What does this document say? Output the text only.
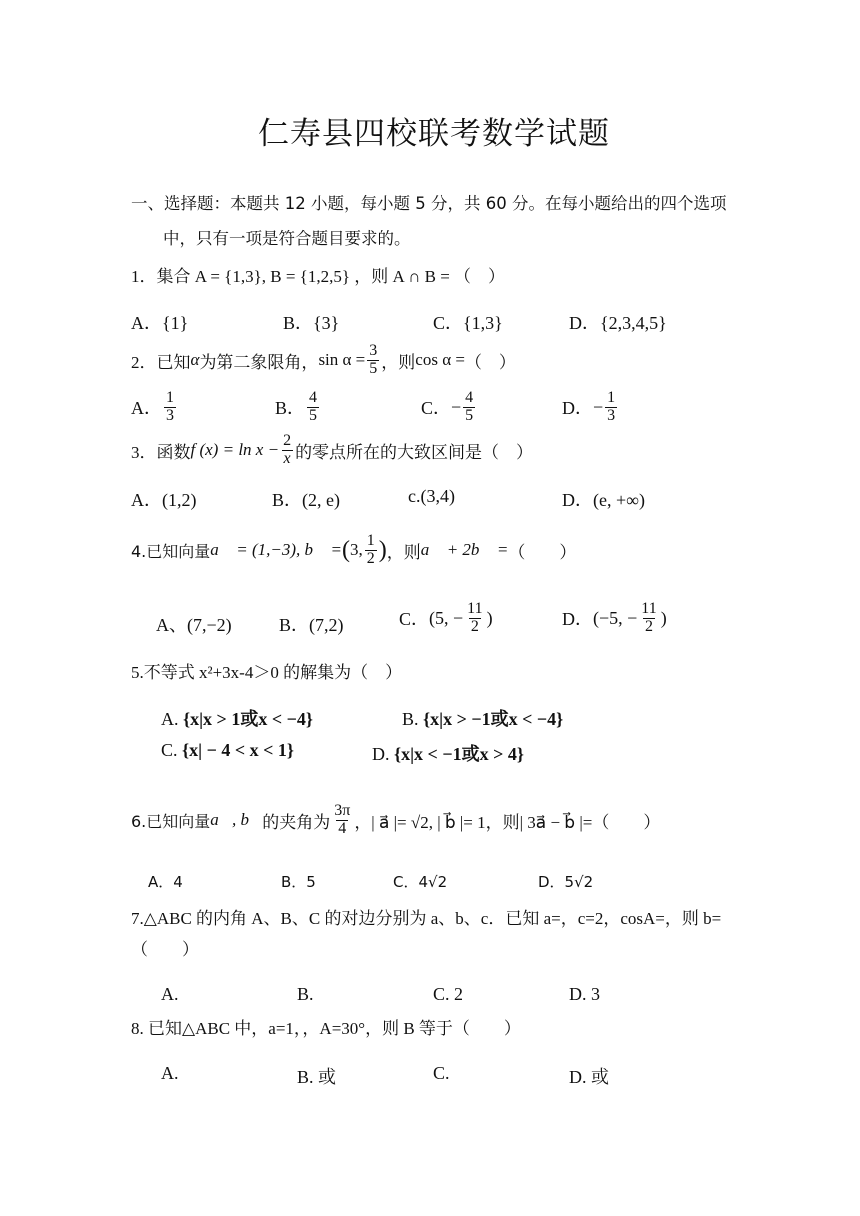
仁寿县四校联考数学试题
一、选择题：本题共 12 小题，每小题 5 分，共 60 分。在每小题给出的四个选项
中，只有一项是符合题目要求的。
1．集合 A = {1,3}, B = {1,2,5} ，则 A ∩ B = （　）
A．{1}	B．{3}	C．{1,3}	D．{2,3,4,5}
2．已知 α 为第二象限角， $\sin \alpha = \frac{3}{5}$ ，则 cos α = （　）
A． $\frac{1}{3}$	B． $\frac{4}{5}$	C． − $\frac{4}{5}$	D． − $\frac{1}{3}$
3．函数 f $(x) = \ln x - \frac{2}{x}$ 的零点所在的大致区间是（　）
A．(1,2)	B．(2, e)	c.(3,4)	D．(e, +∞)
4.已知向量 a⃗ = (1,−3), b⃗ = ( 3, $\frac{1}{2}$ ) ，则 a⃗ + 2b⃗ = （　　）
A、(7,−2)	B．(7,2)	C． (5, − $\frac{11}{2}$ )	D． (−5, − $\frac{11}{2}$ )
5.不等式 x²+3x-4＞0 的解集为（　）
A. {x|x > 1或x < −4}	B. {x|x > −1或x < −4}
C. {x| − 4 < x < 1}	D. {x|x < −1或x > 4}
6.已知向量 a⃗, b⃗ 的夹角为 $\frac{3\pi}{4}$ ，| a⃗ |= √2, | b⃗ |= 1，则| 3a⃗ − b⃗ |=（　　）
A．4	B．5	C．4√2	D．5√2
7.△ABC 的内角 A、B、C 的对边分别为 a、b、c．已知 a=，c=2，cosA=，则 b=
（　　）
A.	B.	C. 2	D. 3
8. 已知△ABC 中，a=1，，A=30°，则 B 等于（　　）
A.	B. 或	C.	D. 或
